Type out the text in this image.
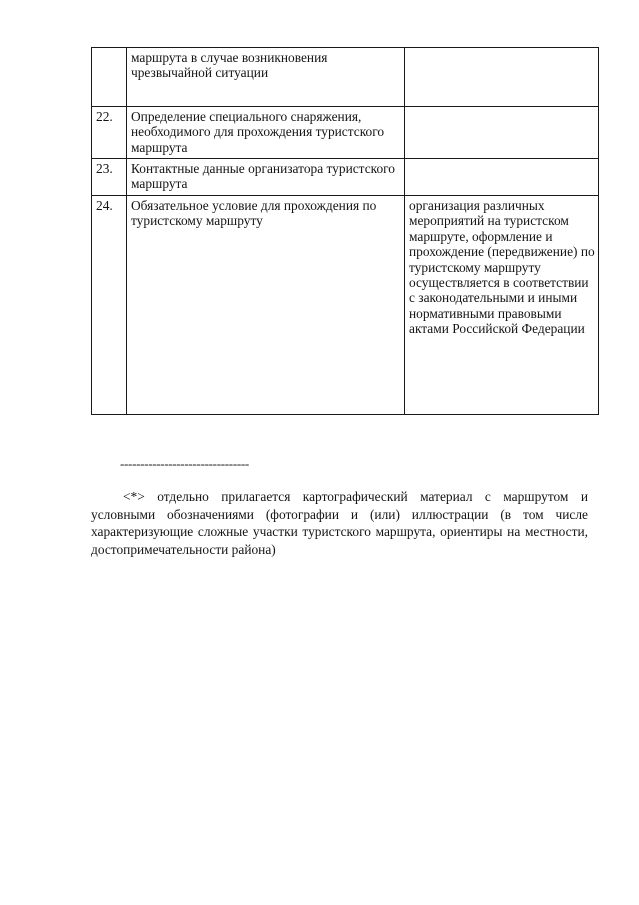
	маршрута в случае возникновения чрезвычайной ситуации	
22.	Определение специального снаряжения, необходимого для прохождения туристского маршрута	
23.	Контактные данные организатора туристского маршрута	
24.	Обязательное условие для прохождения по туристскому маршруту	организация различных мероприятий на туристском маршруте, оформление и прохождение (передвижение) по туристскому маршруту осуществляется в соответствии с законодательными и иными нормативными правовыми актами Российской Федерации
--------------------------------

<*> отдельно прилагается картографический материал с маршрутом и условными обозначениями (фотографии и (или) иллюстрации (в том числе характеризующие сложные участки туристского маршрута, ориентиры на местности, достопримечательности района)
